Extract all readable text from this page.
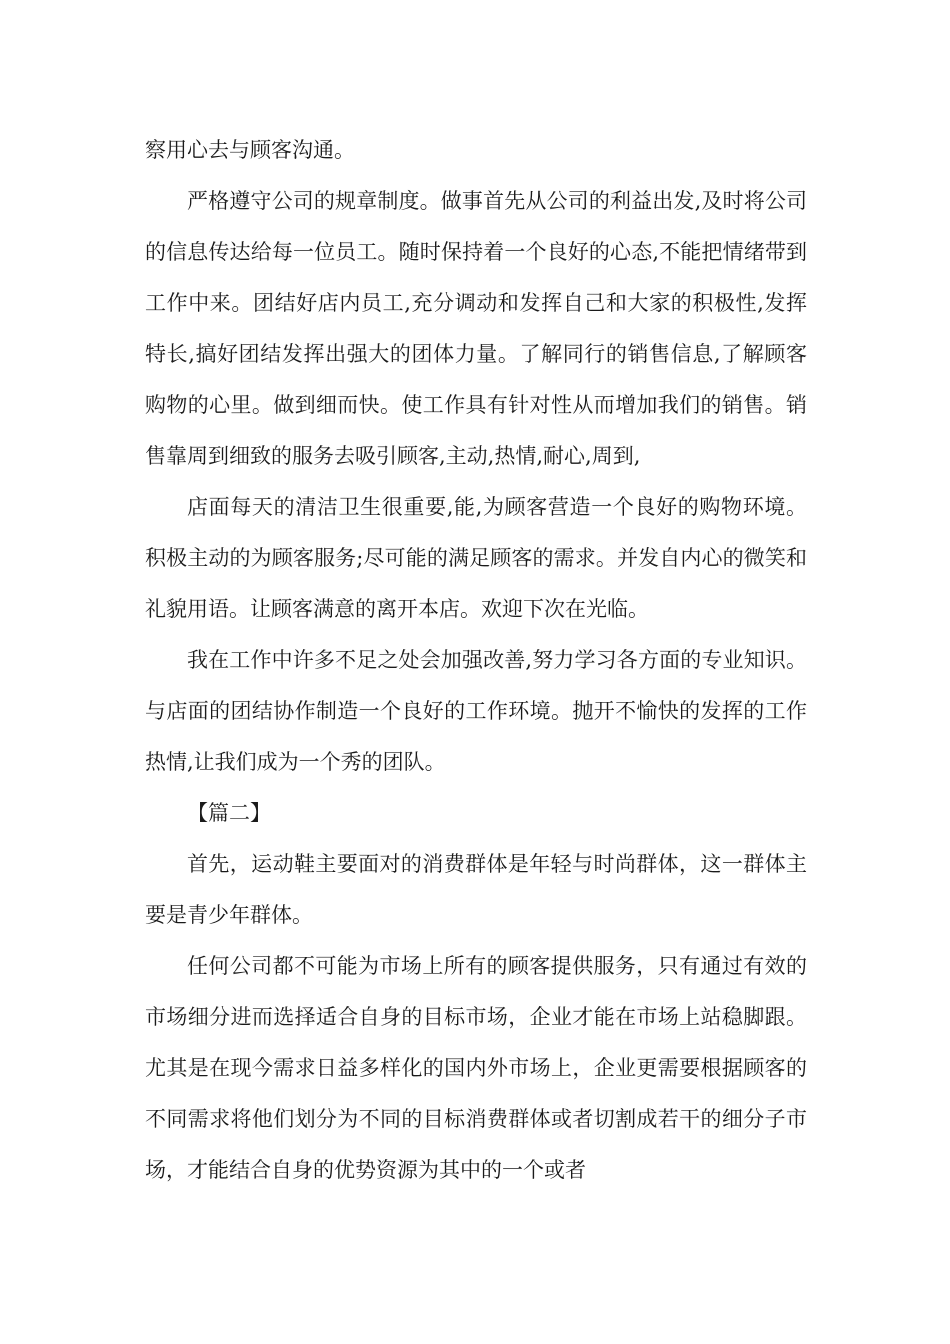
察用心去与顾客沟通。

严格遵守公司的规章制度。做事首先从公司的利益出发,及时将公司的信息传达给每一位员工。随时保持着一个良好的心态,不能把情绪带到工作中来。团结好店内员工,充分调动和发挥自己和大家的积极性,发挥特长,搞好团结发挥出强大的团体力量。了解同行的销售信息,了解顾客购物的心里。做到细而快。使工作具有针对性从而增加我们的销售。销售靠周到细致的服务去吸引顾客,主动,热情,耐心,周到,

店面每天的清洁卫生很重要,能,为顾客营造一个良好的购物环境。积极主动的为顾客服务;尽可能的满足顾客的需求。并发自内心的微笑和礼貌用语。让顾客满意的离开本店。欢迎下次在光临。

我在工作中许多不足之处会加强改善,努力学习各方面的专业知识。与店面的团结协作制造一个良好的工作环境。抛开不愉快的发挥的工作热情,让我们成为一个秀的团队。

【篇二】

首先，运动鞋主要面对的消费群体是年轻与时尚群体，这一群体主要是青少年群体。

任何公司都不可能为市场上所有的顾客提供服务，只有通过有效的市场细分进而选择适合自身的目标市场，企业才能在市场上站稳脚跟。尤其是在现今需求日益多样化的国内外市场上，企业更需要根据顾客的不同需求将他们划分为不同的目标消费群体或者切割成若干的细分子市场，才能结合自身的优势资源为其中的一个或者
